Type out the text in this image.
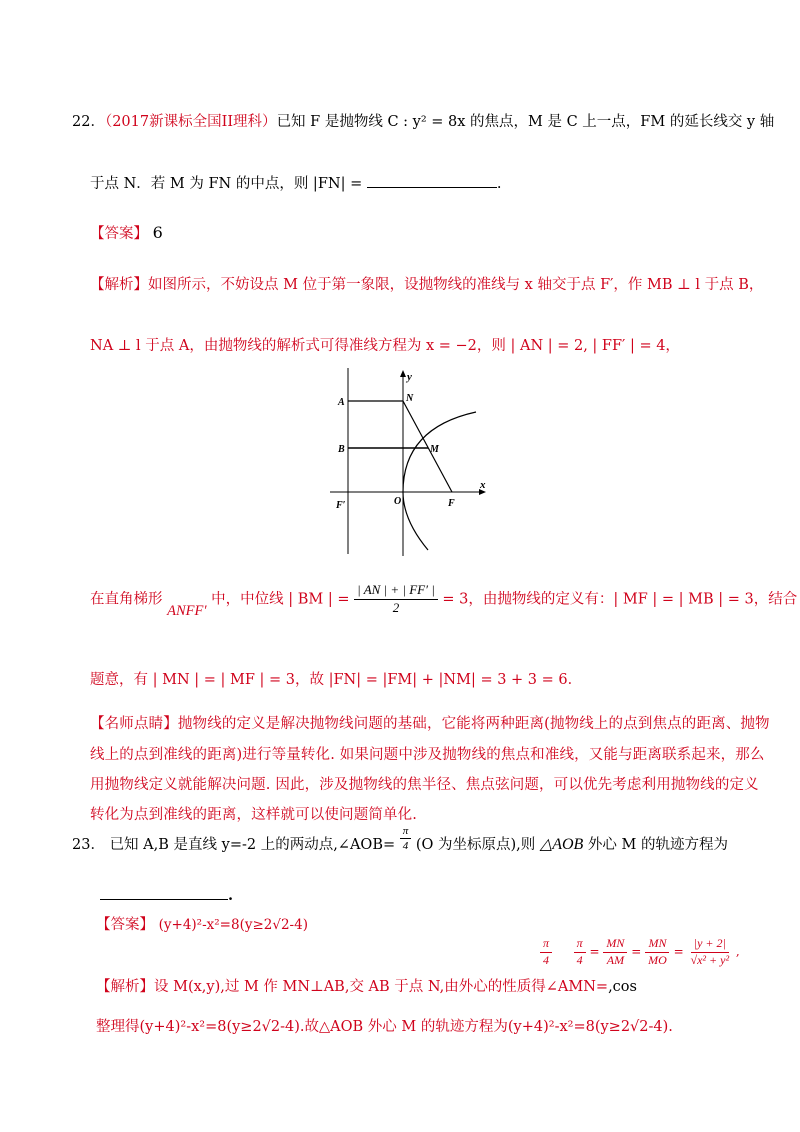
22．（2017新课标全国II理科）已知 F 是抛物线 C : y² = 8x 的焦点，M 是 C 上一点，FM 的延长线交 y 轴
于点 N．若 M 为 FN 的中点，则 |FN| =	.
【答案】 6
【解析】如图所示，不妨设点 M 位于第一象限，设抛物线的准线与 x 轴交于点 F′，作 MB ⊥ l 于点 B，
NA ⊥ l 于点 A，由抛物线的解析式可得准线方程为 x = −2，则 | AN | = 2, | FF′ | = 4，
y
x
A	N
B	M
O	F
F′
在直角梯形 ANFF′ 中，中位线 | BM | = $\frac{| AN | + | FF' |}{2} = 3$，由抛物线的定义有：| MF | = | MB | = 3，结合
题意，有 | MN | = | MF | = 3，故 |FN| = |FM| + |NM| = 3 + 3 = 6．
【名师点睛】抛物线的定义是解决抛物线问题的基础，它能将两种距离(抛物线上的点到焦点的距离、抛物
线上的点到准线的距离)进行等量转化. 如果问题中涉及抛物线的焦点和准线，又能与距离联系起来，那么
用抛物线定义就能解决问题. 因此，涉及抛物线的焦半径、焦点弦问题，可以优先考虑利用抛物线的定义
转化为点到准线的距离，这样就可以使问题简单化.
23． 已知 A,B 是直线 y=-2 上的两动点,∠AOB= $\frac{\pi}{4} (O$ 为坐标原点),则 △AOB 外心 M 的轨迹方程为
.
【答案】 (y+4)²-x²=8(y≥2√2-4)
$\frac{\pi}{4}$
$\frac{\pi}{4} = \frac{MN}{AM} = \frac{MN}{MO} = \frac{|y + 2|}{\text{√x² + y²}}$ ,
【解析】设 M(x,y),过 M 作 MN⊥AB,交 AB 于点 N,由外心的性质得∠AMN=,cos
整理得(y+4)²-x²=8(y≥2√2-4).故△AOB 外心 M 的轨迹方程为(y+4)²-x²=8(y≥2√2-4).
